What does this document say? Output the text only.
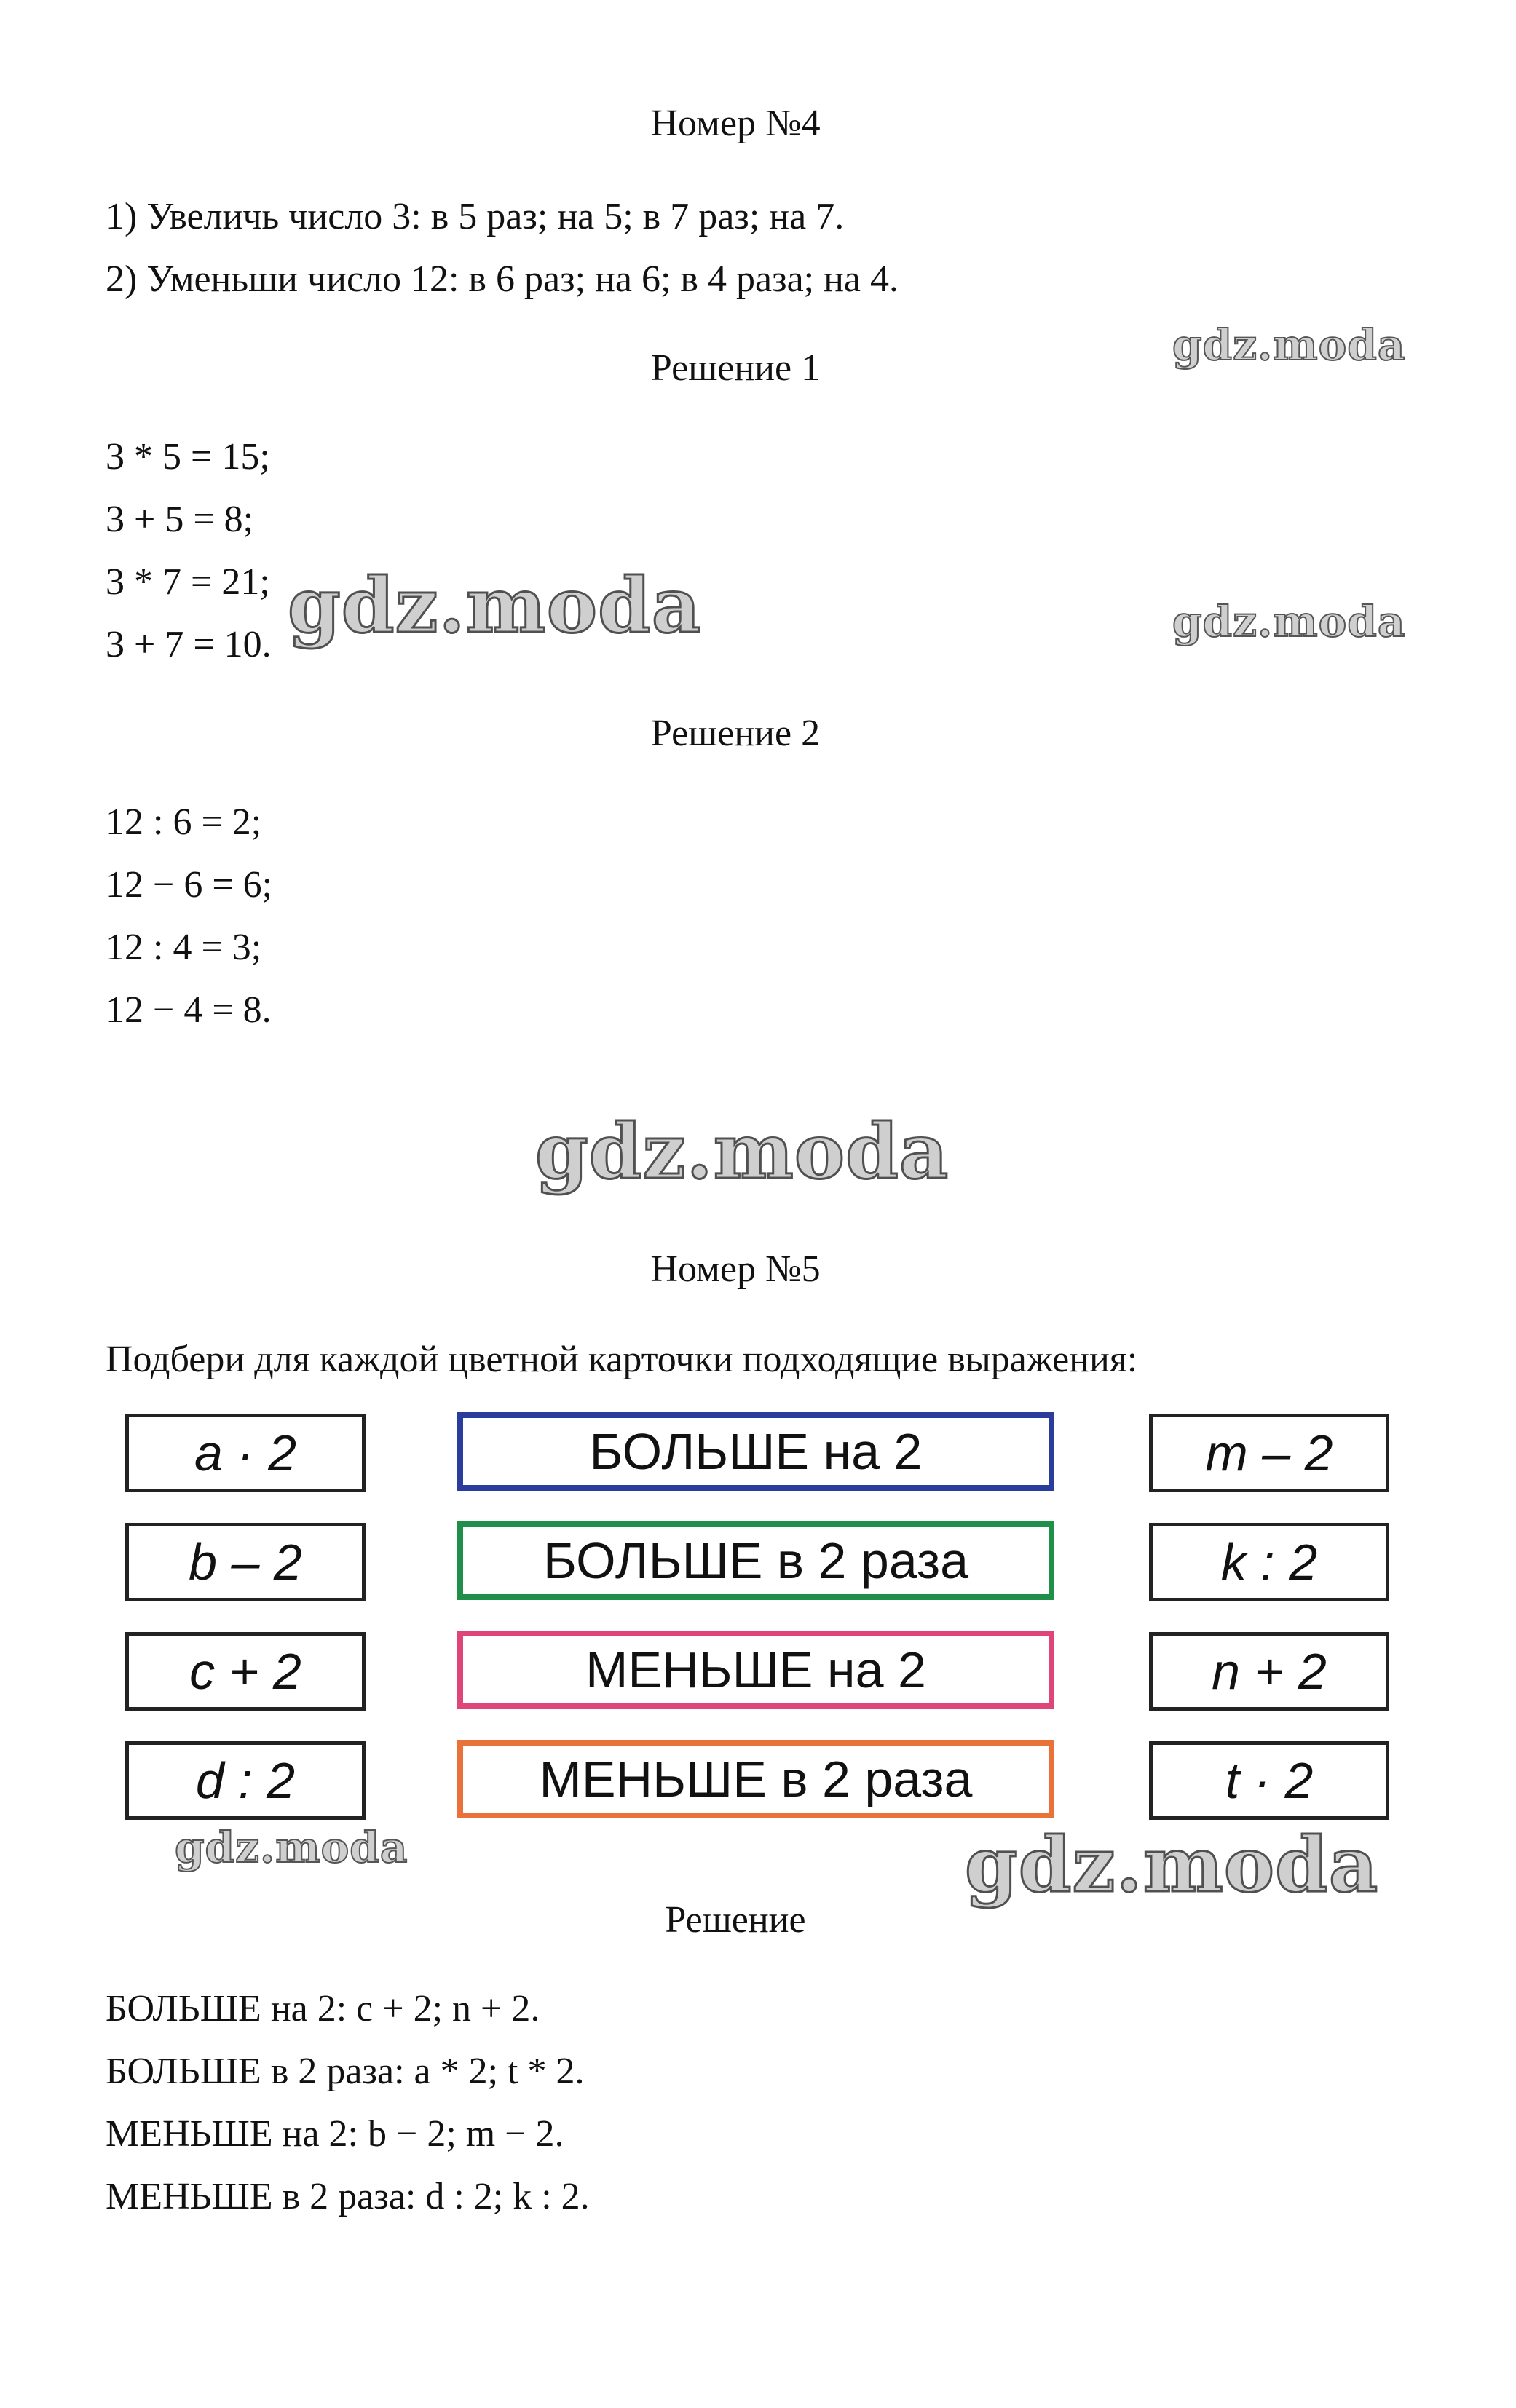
Номер №4
1) Увеличь число 3: в 5 раз; на 5; в 7 раз; на 7.
2) Уменьши число 12: в 6 раз; на 6; в 4 раза; на 4.
Решение 1
3 * 5 = 15;
3 + 5 = 8;
3 * 7 = 21;
3 + 7 = 10.
Решение 2
12 : 6 = 2;
12 − 6 = 6;
12 : 4 = 3;
12 − 4 = 8.
Номер №5
Подбери для каждой цветной карточки подходящие выражения:
a · 2
b – 2
c + 2
d : 2
БОЛЬШЕ на 2
БОЛЬШЕ в 2 раза
МЕНЬШЕ на 2
МЕНЬШЕ в 2 раза
m – 2
k : 2
n + 2
t · 2
Решение
БОЛЬШЕ на 2: c + 2; n + 2.
БОЛЬШЕ в 2 раза: a * 2; t * 2.
МЕНЬШЕ на 2: b − 2; m − 2.
МЕНЬШЕ в 2 раза: d : 2; k : 2.
gdz.moda
gdz.moda	gdz.moda
gdz.moda
gdz.moda	gdz.moda
